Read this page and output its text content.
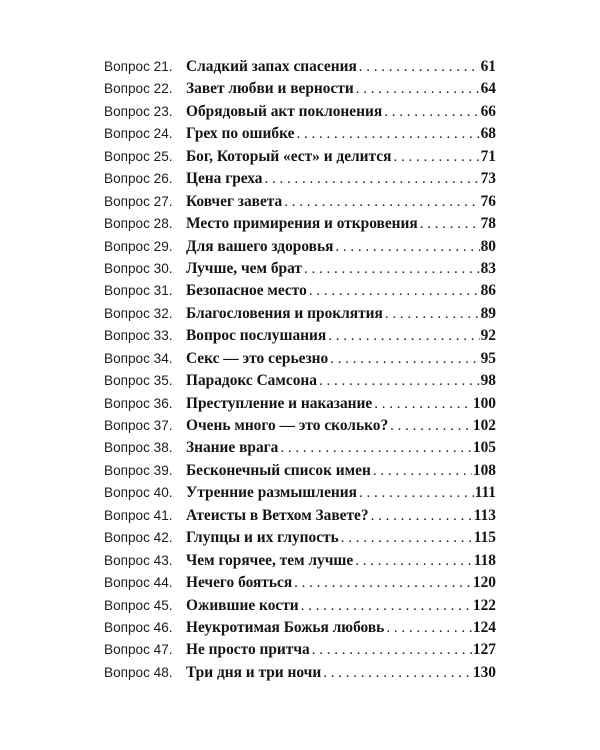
Вопрос 21. Сладкий запах спасения . . .	61
Вопрос 22. Завет любви и верности . . .	64
Вопрос 23. Обрядовый акт поклонения . . .	66
Вопрос 24. Грех по ошибке . . .	68
Вопрос 25. Бог, Который «ест» и делится . . .	71
Вопрос 26. Цена греха . . .	73
Вопрос 27. Ковчег завета . . .	76
Вопрос 28. Место примирения и откровения . . .	78
Вопрос 29. Для вашего здоровья . . .	80
Вопрос 30. Лучше, чем брат . . .	83
Вопрос 31. Безопасное место . . .	86
Вопрос 32. Благословения и проклятия . . .	89
Вопрос 33. Вопрос послушания . . .	92
Вопрос 34. Секс — это серьезно . . .	95
Вопрос 35. Парадокс Самсона . . .	98
Вопрос 36. Преступление и наказание . . .	100
Вопрос 37. Очень много — это сколько? . . .	102
Вопрос 38. Знание врага . . .	105
Вопрос 39. Бесконечный список имен . . .	108
Вопрос 40. Утренние размышления . . .	111
Вопрос 41. Атеисты в Ветхом Завете? . . .	113
Вопрос 42. Глупцы и их глупость . . .	115
Вопрос 43. Чем горячее, тем лучше . . .	118
Вопрос 44. Нечего бояться . . .	120
Вопрос 45. Ожившие кости . . .	122
Вопрос 46. Неукротимая Божья любовь . . .	124
Вопрос 47. Не просто притча . . .	127
Вопрос 48. Три дня и три ночи . . .	130
